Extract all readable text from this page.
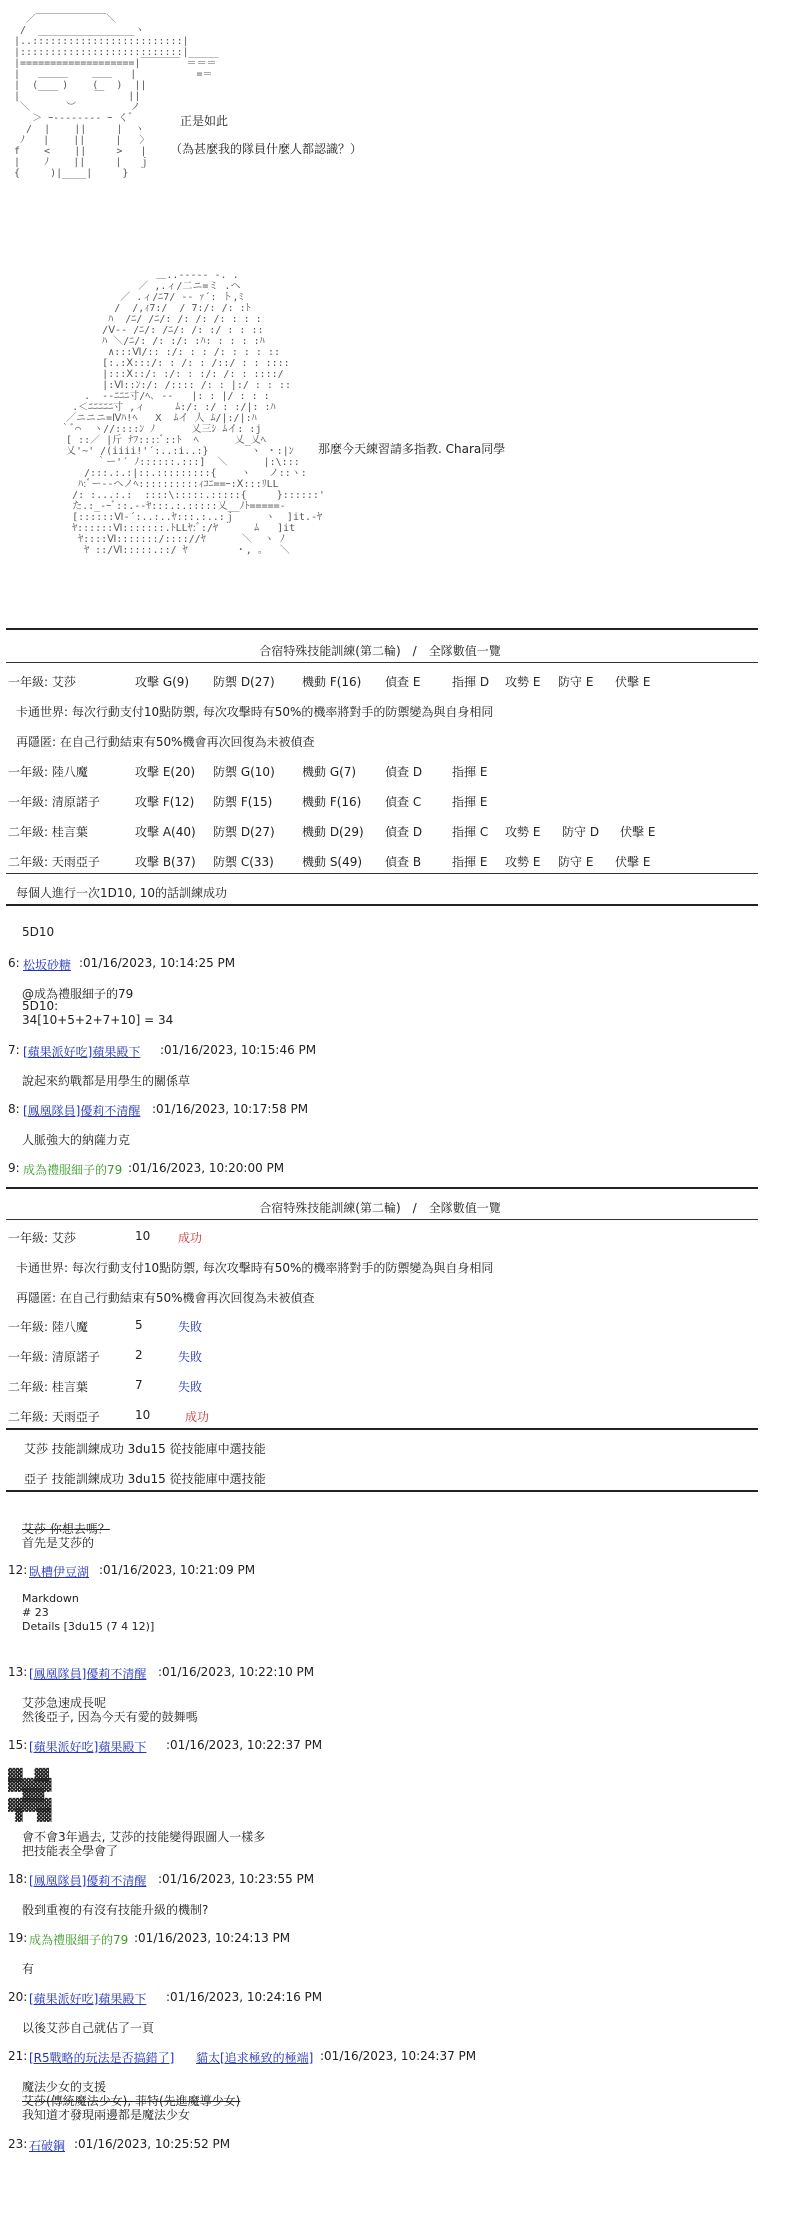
／￣￣￣￣￣￣￣＼
/  ________________ヽ
|..:::::::::::::::::::::::::|
|:::::::::::::::::::::::::::|_____
|===================|￣￣￣￣ ＝＝＝
|   ＿＿＿    ＿＿   |          =＝
|  (    )    (   )  ||
|   ￣￣      ￣    ||
＼      ︶         ノ
＞ ｰ-------- ｰ くﾞ
/  |    ||     |  ヽ
ﾉ   |    ||     |   〉
f    <    ||     >   |
|    ﾉ    ||     |   ｊ
{     )|____|     }
正是如此
（為甚麼我的隊員什麼人都認識？）
＿..-‐‐‐‐ -. .
／ ,.ィ/二ニ=ミ .ヘ
／ .ィ/ﾆ7/ -‐ ｧ´: ト,ﾐ
/  /,ｨ7:/  / 7:/: /: :ﾄ
ﾊ  /ﾆ/ /ﾆ/: /: /: /: : : :
/Ⅴ-- /ﾆ/: /ﾆ/: /: :/ : : ::
ﾊ ＼/ﾆ/: /: :/: :ﾊ: : : : :ﾊ
∧:::Ⅵ/:: :/: : : /: : : : ::
[:.:Ⅹ:::/: : /: : /::/ : : ::::
|:::Ⅹ::/: :/: : :/: /: : ::::/
|:Ⅵ::ﾝ:/: /:::: /: : |:/ : : ::
.  -‐ﾆﾆﾆ寸/ﾍ､ -‐   |: : |/ : : :
.＜ﾆﾆﾆﾆﾆ寸 ,ィ     ﾑ:/: :/ : :/|: :ﾊ
／ニニニ=Ⅳﾊ!ﾍ   X  ﾑイ 人 ﾑ/|:/|:ﾊ
｀ﾞ⌒  ヽ//::::ﾝ ﾉ      乂三ｼ ﾑイ: :j
[ ::／ |斤 ﾅﾌ::::ﾞ::ﾄ  ﾍ      乂_乂ﾍ
乂'~' /(iiii!'´:..:i..:}       ヽ ・:|ﾝ
｀ー'´ ﾉ::::::.:::]  ＼      |:\:::
/:::.:.:|::.:::::::::{    ヽ   ノ::ヽ:
ﾊ:ﾞー--ヘノﾍ::::::::::ｨｺﾆ==ｰ:Ⅹ:::ﾘLL
/: :...:.:  ::::\:::::.:::::{     }::::::'
た.:_-ｰﾞ::.--ﾔ:::.:.:::::乂__ﾉﾄ=====-
[::::::Ⅵ-´:..:..ﾔ:::.:..:ｊ     ヽ  ]it.-ﾔ
ﾔ::::::Ⅵ:::::::.ﾄLLﾔ:ﾞ:/ﾔ      ﾑ   ]it
ﾔ::::Ⅵ:::::::/:::://ﾔ      ＼  ヽ ﾉ
ﾔ ::/Ⅵ:::::.::/ ﾔ        ・, 。  ＼
那麼今天練習請多指教. Chara同學
合宿特殊技能訓練(第二輪)　/　全隊數值一覽
一年級: 艾莎	攻擊 G(9) 防禦 D(27) 機動 F(16) 偵查 E	指揮 D 攻勢 E 防守 E 伏擊 E
卡通世界: 每次行動支付10點防禦, 每次攻擊時有50%的機率將對手的防禦變為與自身相同
再隱匿: 在自己行動結束有50%機會再次回復為未被偵查
一年級: 陸八魔	攻擊 E(20) 防禦 G(10) 機動 G(7) 偵查 D 指揮 E
一年級: 清原諾子	攻擊 F(12) 防禦 F(15) 機動 F(16) 偵查 C	指揮 E
二年級: 桂言葉	攻擊 A(40) 防禦 D(27) 機動 D(29) 偵查 D 指揮 C 攻勢 E 防守 D 伏擊 E
二年級: 天雨亞子	攻擊 B(37) 防禦 C(33) 機動 S(49) 偵查 B	指揮 E 攻勢 E 防守 E 伏擊 E
每個人進行一次1D10, 10的話訓練成功
5D10
6: 松坂砂糖 :01/16/2023, 10:14:25 PM
@成為禮服細子的79
5D10:
34[10+5+2+7+10] = 34
7: [蘋果派好吃]蘋果殿下 :01/16/2023, 10:15:46 PM
說起來約戰都是用學生的關係草
8: [鳳凰隊員]優莉不清醒 :01/16/2023, 10:17:58 PM
人脈強大的納薩力克
9: 成為禮服細子的79 :01/16/2023, 10:20:00 PM
合宿特殊技能訓練(第二輪)　/　全隊數值一覽
一年級: 艾莎	10 成功
卡通世界: 每次行動支付10點防禦, 每次攻擊時有50%的機率將對手的防禦變為與自身相同
再隱匿: 在自己行動結束有50%機會再次回復為未被偵查
一年級: 陸八魔	5	失敗
一年級: 清原諾子	2	失敗
二年級: 桂言葉	7	失敗
二年級: 天雨亞子	10	成功
艾莎 技能訓練成功 3du15 從技能庫中選技能
亞子 技能訓練成功 3du15 從技能庫中選技能
艾莎 你想去嗎？
首先是艾莎的
12: 臥槽伊豆湖 :01/16/2023, 10:21:09 PM
Markdown
# 23
Details [3du15 (7 4 12)]
13: [鳳凰隊員]優莉不清醒 :01/16/2023, 10:22:10 PM
艾莎急速成長呢
然後亞子, 因為今天有愛的鼓舞嗎
15: [蘋果派好吃]蘋果殿下 :01/16/2023, 10:22:37 PM
▓▓　▓▓
▓▓▓▓▓▓
▓▓▓
▓▓▓▓▓▓
▓  ▓▓
會不會3年過去, 艾莎的技能變得跟圖人一樣多
把技能表全學會了
18: [鳳凰隊員]優莉不清醒 :01/16/2023, 10:23:55 PM
骰到重複的有沒有技能升級的機制?
19: 成為禮服細子的79 :01/16/2023, 10:24:13 PM
有
20: [蘋果派好吃]蘋果殿下 :01/16/2023, 10:24:16 PM
以後艾莎自己就佔了一頁
21: [R5戰略的玩法是否搞錯了] 貓太 [追求極致的極端] :01/16/2023, 10:24:37 PM
魔法少女的支援
艾莎(傳統魔法少女), 菲特(先進魔導少女)
我知道才發現兩邊都是魔法少女
23: 石破鋼 :01/16/2023, 10:25:52 PM
